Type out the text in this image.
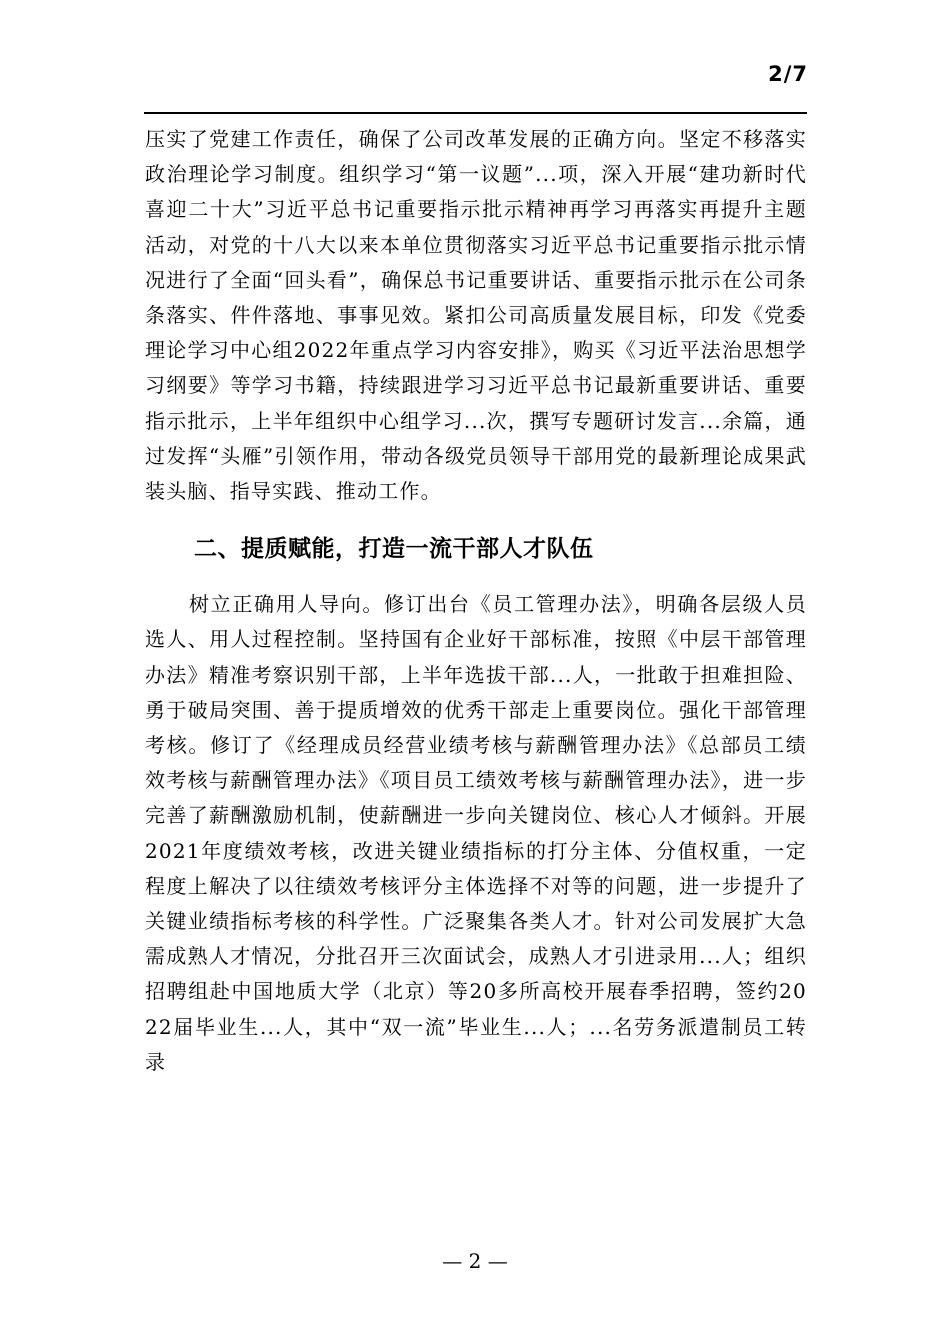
2/7

压实了党建工作责任，确保了公司改革发展的正确方向。坚定不移落实政治理论学习制度。组织学习“第一议题”...项，深入开展“建功新时代 喜迎二十大”习近平总书记重要指示批示精神再学习再落实再提升主题活动，对党的十八大以来本单位贯彻落实习近平总书记重要指示批示情况进行了全面“回头看”，确保总书记重要讲话、重要指示批示在公司条条落实、件件落地、事事见效。紧扣公司高质量发展目标，印发《党委理论学习中心组2022年重点学习内容安排》，购买《习近平法治思想学习纲要》等学习书籍，持续跟进学习习近平总书记最新重要讲话、重要指示批示，上半年组织中心组学习...次，撰写专题研讨发言...余篇，通过发挥“头雁”引领作用，带动各级党员领导干部用党的最新理论成果武装头脑、指导实践、推动工作。

二、提质赋能，打造一流干部人才队伍

树立正确用人导向。修订出台《员工管理办法》，明确各层级人员选人、用人过程控制。坚持国有企业好干部标准，按照《中层干部管理办法》精准考察识别干部，上半年选拔干部...人，一批敢于担难担险、勇于破局突围、善于提质增效的优秀干部走上重要岗位。强化干部管理考核。修订了《经理成员经营业绩考核与薪酬管理办法》《总部员工绩效考核与薪酬管理办法》《项目员工绩效考核与薪酬管理办法》，进一步完善了薪酬激励机制，使薪酬进一步向关键岗位、核心人才倾斜。开展2021年度绩效考核，改进关键业绩指标的打分主体、分值权重，一定程度上解决了以往绩效考核评分主体选择不对等的问题，进一步提升了关键业绩指标考核的科学性。广泛聚集各类人才。针对公司发展扩大急需成熟人才情况，分批召开三次面试会，成熟人才引进录用...人；组织招聘组赴中国地质大学（北京）等20多所高校开展春季招聘，签约2022届毕业生...人，其中“双一流”毕业生...人；...名劳务派遣制员工转录

— 2 —
